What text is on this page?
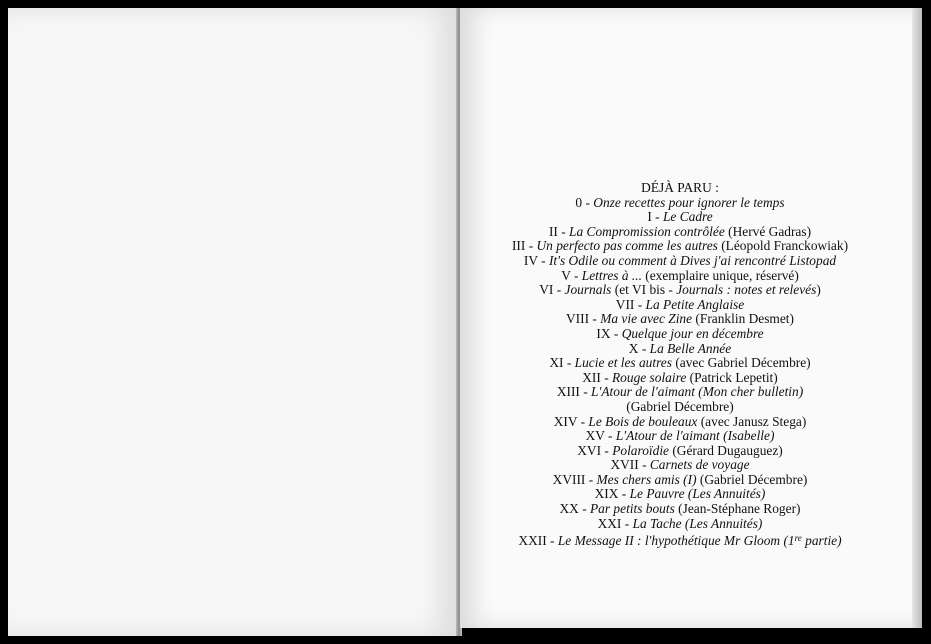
DÉJÀ PARU :
0 - Onze recettes pour ignorer le temps
I - Le Cadre
II - La Compromission contrôlée (Hervé Gadras)
III - Un perfecto pas comme les autres (Léopold Franckowiak)
IV - It's Odile ou comment à Dives j'ai rencontré Listopad
V - Lettres à ... (exemplaire unique, réservé)
VI - Journals (et VI bis - Journals : notes et relevés)
VII - La Petite Anglaise
VIII - Ma vie avec Zine (Franklin Desmet)
IX - Quelque jour en décembre
X - La Belle Année
XI - Lucie et les autres (avec Gabriel Décembre)
XII - Rouge solaire (Patrick Lepetit)
XIII - L'Atour de l'aimant (Mon cher bulletin)
(Gabriel Décembre)
XIV - Le Bois de bouleaux (avec Janusz Stega)
XV - L'Atour de l'aimant (Isabelle)
XVI - Polaroïdie (Gérard Dugauguez)
XVII - Carnets de voyage
XVIII - Mes chers amis (I) (Gabriel Décembre)
XIX - Le Pauvre (Les Annuités)
XX - Par petits bouts (Jean-Stéphane Roger)
XXI - La Tache (Les Annuités)
XXII - Le Message II : l'hypothétique Mr Gloom (1re partie)
